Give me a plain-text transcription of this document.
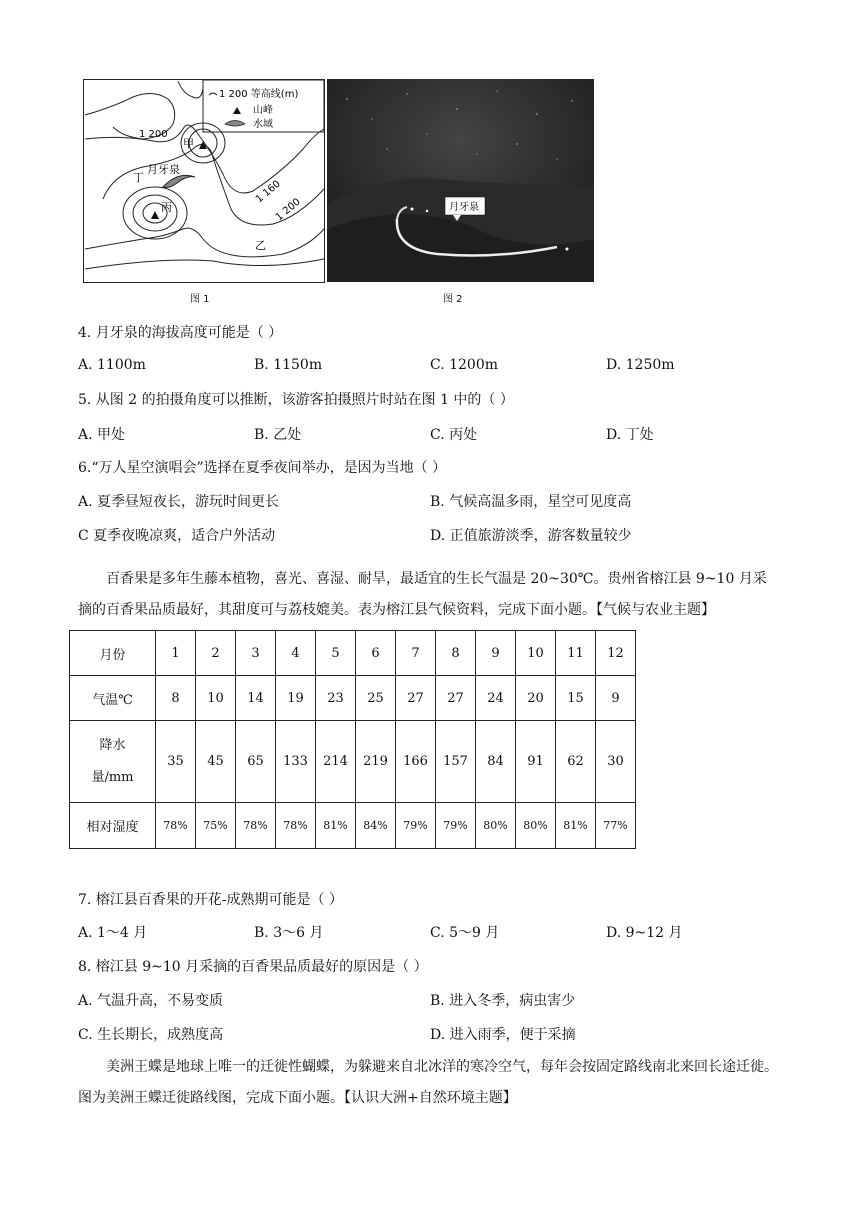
1 200 等高线(m)
山峰
水域
1 200
甲
月牙泉
丁
丙
1 160
1 200
乙
图 1
月牙泉
图 2
4. 月牙泉的海拔高度可能是（ ）
A. 1100m	B. 1150m	C. 1200m	D. 1250m
5. 从图 2 的拍摄角度可以推断，该游客拍摄照片时站在图 1 中的（ ）
A. 甲处	B. 乙处	C. 丙处	D. 丁处
6.“万人星空演唱会”选择在夏季夜间举办，是因为当地（ ）
A. 夏季昼短夜长，游玩时间更长	B. 气候高温多雨，星空可见度高
C 夏季夜晚凉爽，适合户外活动	D. 正值旅游淡季，游客数量较少
百香果是多年生藤本植物，喜光、喜湿、耐旱，最适宜的生长气温是 20~30℃。贵州省榕江县 9~10 月采摘的百香果品质最好，其甜度可与荔枝媲美。表为榕江县气候资料，完成下面小题。【气候与农业主题】
月份	1	2	3	4	5	6	7	8	9	10	11	12
气温℃	8	10	14	19	23	25	27	27	24	20	15	9
降水量/mm	35	45	65	133	214	219	166	157	84	91	62	30
相对湿度	78%	75%	78%	78%	81%	84%	79%	79%	80%	80%	81%	77%
7. 榕江县百香果的开花-成熟期可能是（ ）
A. 1～4 月	B. 3～6 月	C. 5～9 月	D. 9~12 月
8. 榕江县 9~10 月采摘的百香果品质最好的原因是（ ）
A. 气温升高，不易变质	B. 进入冬季，病虫害少
C. 生长期长，成熟度高	D. 进入雨季，便于采摘
美洲王蝶是地球上唯一的迁徙性蝴蝶，为躲避来自北冰洋的寒冷空气，每年会按固定路线南北来回长途迁徙。图为美洲王蝶迁徙路线图，完成下面小题。【认识大洲+自然环境主题】
